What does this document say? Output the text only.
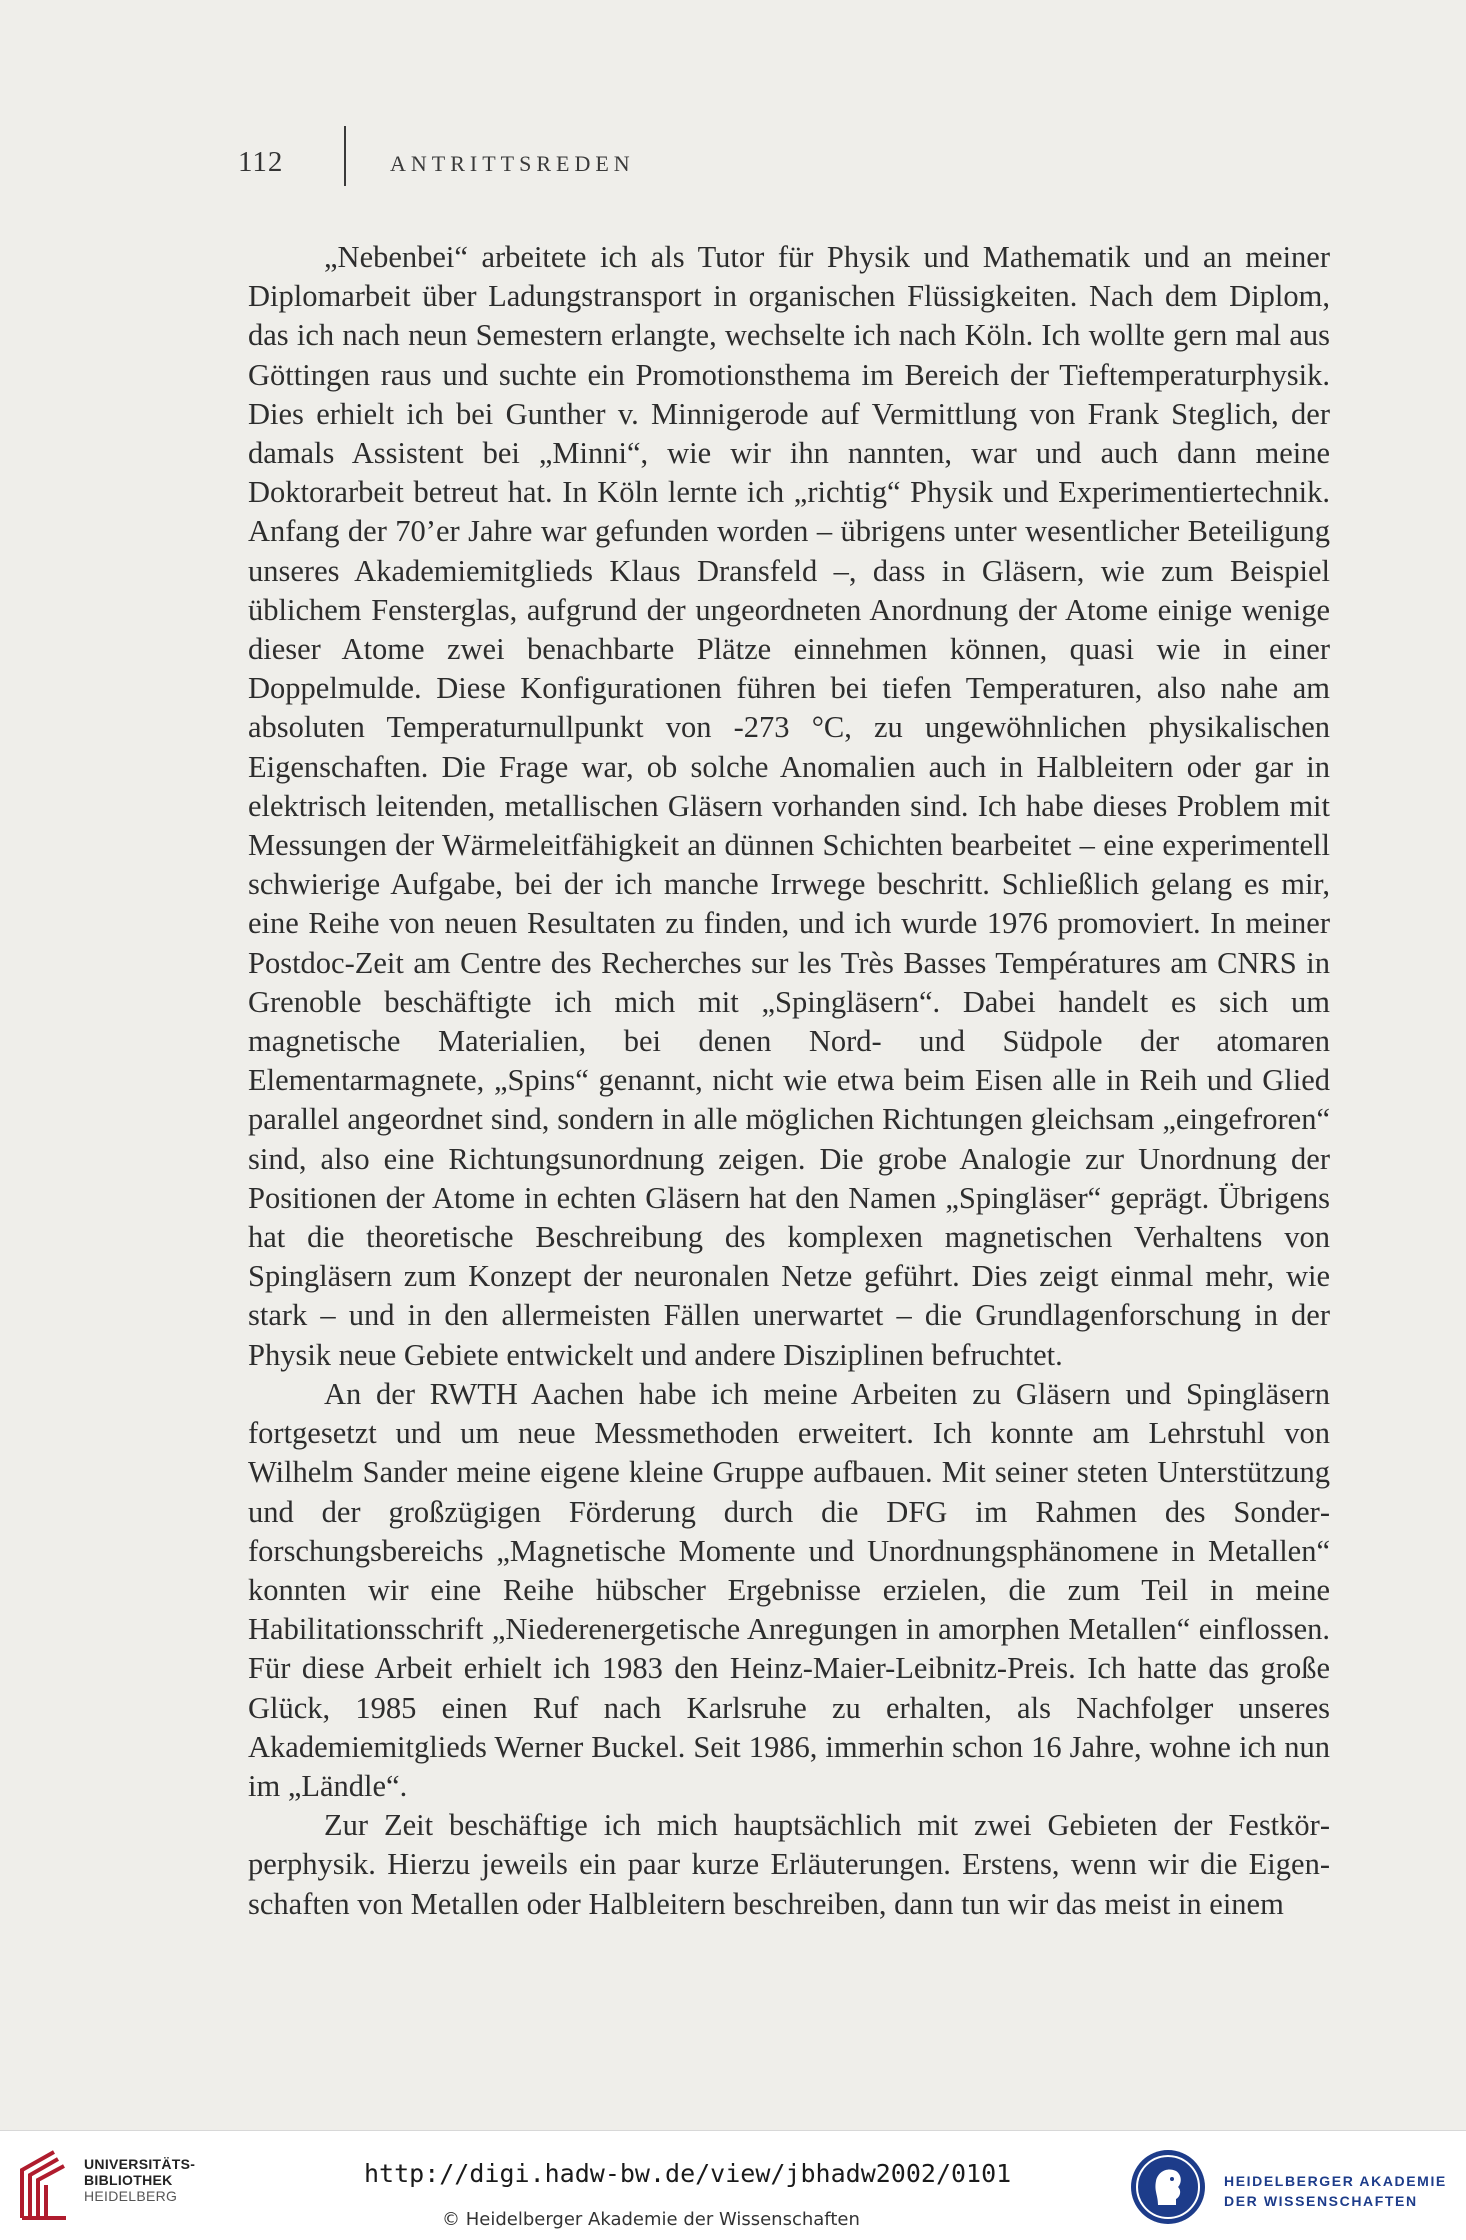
112	ANTRITTSREDEN

„Nebenbei“ arbeitete ich als Tutor für Physik und Mathematik und an meiner Diplomarbeit über Ladungstransport in organischen Flüssigkeiten. Nach dem Diplom, das ich nach neun Semestern erlangte, wechselte ich nach Köln. Ich wollte gern mal aus Göttingen raus und suchte ein Promotionsthema im Bereich der Tieftemperaturphysik. Dies erhielt ich bei Gunther v. Minnigerode auf Vermittlung von Frank Steglich, der damals Assistent bei „Minni“, wie wir ihn nannten, war und auch dann meine Doktorarbeit betreut hat. In Köln lernte ich „richtig“ Physik und Experimentiertechnik. Anfang der 70’er Jahre war gefunden worden – übrigens unter wesentlicher Beteiligung unseres Akademiemitglieds Klaus Dransfeld –, dass in Gläsern, wie zum Beispiel üblichem Fensterglas, aufgrund der ungeordneten Anordnung der Atome einige wenige dieser Atome zwei benachbarte Plätze einnehmen können, quasi wie in einer Doppelmulde. Diese Konfigurationen führen bei tiefen Temperaturen, also nahe am absoluten Temperaturnullpunkt von -273 °C, zu ungewöhnlichen physikalischen Eigenschaften. Die Frage war, ob solche Anomalien auch in Halbleitern oder gar in elektrisch leitenden, metallischen Gläsern vorhanden sind. Ich habe dieses Problem mit Messungen der Wärmeleitfähigkeit an dünnen Schichten bearbeitet – eine experimentell schwierige Aufgabe, bei der ich manche Irrwege beschritt. Schließlich gelang es mir, eine Reihe von neuen Resultaten zu finden, und ich wurde 1976 promoviert. In meiner Postdoc-Zeit am Centre des Recherches sur les Très Basses Températures am CNRS in Grenoble beschäftigte ich mich mit „Spingläsern“. Dabei handelt es sich um magnetische Materialien, bei denen Nord- und Südpole der atomaren Elementarmagnete, „Spins“ genannt, nicht wie etwa beim Eisen alle in Reih und Glied parallel angeordnet sind, sondern in alle möglichen Richtungen gleichsam „eingefroren“ sind, also eine Richtungsunordnung zeigen. Die grobe Analogie zur Unordnung der Positionen der Atome in echten Gläsern hat den Namen „Spingläser“ geprägt. Übrigens hat die theoretische Beschreibung des komplexen magnetischen Verhaltens von Spingläsern zum Konzept der neuronalen Netze geführt. Dies zeigt einmal mehr, wie stark – und in den allermeisten Fällen unerwartet – die Grundlagenforschung in der Physik neue Gebiete entwickelt und andere Disziplinen befruchtet.

An der RWTH Aachen habe ich meine Arbeiten zu Gläsern und Spingläsern fortgesetzt und um neue Messmethoden erweitert. Ich konnte am Lehrstuhl von Wilhelm Sander meine eigene kleine Gruppe aufbauen. Mit seiner steten Unterstützung und der großzügigen Förderung durch die DFG im Rahmen des Sonderforschungsbereichs „Magnetische Momente und Unordnungsphänomene in Metallen“ konnten wir eine Reihe hübscher Ergebnisse erzielen, die zum Teil in meine Habilitationsschrift „Niederenergetische Anregungen in amorphen Metallen“ einflossen. Für diese Arbeit erhielt ich 1983 den Heinz-Maier-Leibnitz-Preis. Ich hatte das große Glück, 1985 einen Ruf nach Karlsruhe zu erhalten, als Nachfolger unseres Akademiemitglieds Werner Buckel. Seit 1986, immerhin schon 16 Jahre, wohne ich nun im „Ländle“.

Zur Zeit beschäftige ich mich hauptsächlich mit zwei Gebieten der Festkörperphysik. Hierzu jeweils ein paar kurze Erläuterungen. Erstens, wenn wir die Eigenschaften von Metallen oder Halbleitern beschreiben, dann tun wir das meist in einem

UNIVERSITÄTS-
BIBLIOTHEK
HEIDELBERG
http://digi.hadw-bw.de/view/jbhadw2002/0101
© Heidelberger Akademie der Wissenschaften
HEIDELBERGER AKADEMIE
DER WISSENSCHAFTEN
